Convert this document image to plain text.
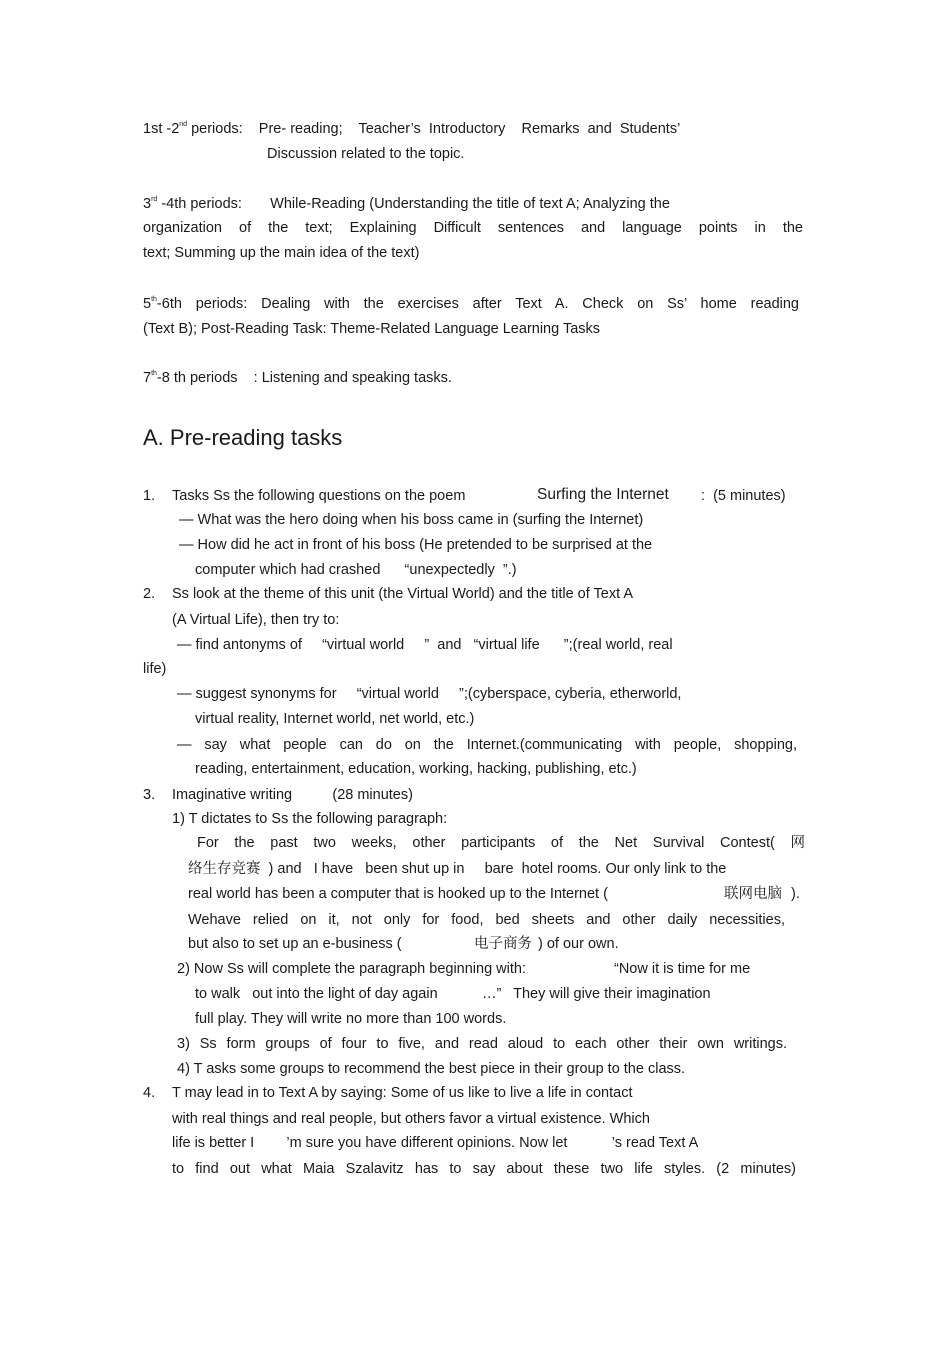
1st -2nd periods:    Pre- reading;    Teacher’s  Introductory    Remarks  and  Students’
Discussion related to the topic.
3rd -4th periods:       While-Reading (Understanding the title of text A; Analyzing the
organization of the text; Explaining Difficult sentences and language points in the
text; Summing up the main idea of the text)
5th-6th periods: Dealing with the exercises after Text A. Check on Ss’ home reading
(Text B); Post-Reading Task: Theme-Related Language Learning Tasks
7th-8 th periods    : Listening and speaking tasks.
A. Pre-reading tasks
1. Tasks Ss the following questions on the poem	Surfing the Internet :  (5 minutes)
— What was the hero doing when his boss came in (surfing the Internet)
— How did he act in front of his boss (He pretended to be surprised at the
computer which had crashed      “unexpectedly  ”.)
2. Ss look at the theme of this unit (the Virtual World) and the title of Text A
(A Virtual Life), then try to:
— find antonyms of     “virtual world     ”  and   “virtual life      ”;(real world, real
life)
— suggest synonyms for     “virtual world     ”;(cyberspace, cyberia, etherworld,
virtual reality, Internet world, net world, etc.)
— say what people can do on the Internet.(communicating with people, shopping,
reading, entertainment, education, working, hacking, publishing, etc.)
3. Imaginative writing          (28 minutes)
1) T dictates to Ss the following paragraph:
For the past two weeks, other participants of the Net Survival Contest( 网
络生存竞赛  ) and   I have   been shut up in     bare  hotel rooms. Our only link to the
real world has been a computer that is hooked up to the Internet (	联网电脑 ).
Wehave relied on it, not only for food, bed sheets and other daily necessities,
but also to set up an e-business (	电子商务 ) of our own.
2) Now Ss will complete the paragraph beginning with:	“Now it is time for me
to walk   out into the light of day again           …”   They will give their imagination
full play. They will write no more than 100 words.
3) Ss form groups of four to five, and read aloud to each other their own writings.
4) T asks some groups to recommend the best piece in their group to the class.
4. T may lead in to Text A by saying: Some of us like to live a life in contact
with real things and real people, but others favor a virtual existence. Which
life is better I        ’m sure you have different opinions. Now let           ’s read Text A
to find out what Maia Szalavitz has to say about these two life styles. (2 minutes)
